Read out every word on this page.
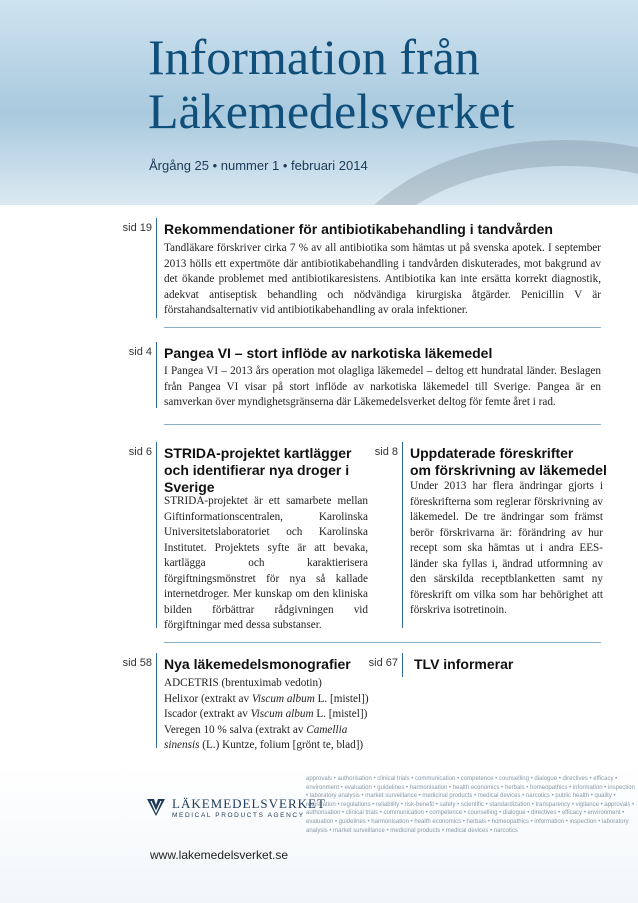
Information från
Läkemedelsverket
Årgång 25 • nummer 1 • februari 2014
sid 19 Rekommendationer för antibiotikabehandling i tandvården
Tandläkare förskriver cirka 7 % av all antibiotika som hämtas ut på svenska apotek. I september 2013 hölls ett expertmöte där antibiotikabehandling i tandvården diskuterades, mot bakgrund av det ökande problemet med antibiotikaresistens. Antibiotika kan inte ersätta korrekt diagnostik, adekvat antiseptisk behandling och nödvändiga kirurgiska åtgärder. Penicillin V är förstahandsalternativ vid antibiotikabehandling av orala infektioner.
sid 4 Pangea VI – stort inflöde av narkotiska läkemedel
I Pangea VI – 2013 års operation mot olagliga läkemedel – deltog ett hundratal länder. Beslagen från Pangea VI visar på stort inflöde av narkotiska läkemedel till Sverige. Pangea är en samverkan över myndighetsgränserna där Läkemedelsverket deltog för femte året i rad.
sid 6 STRIDA-projektet kartlägger
och identifierar nya droger i
Sverige
STRIDA-projektet är ett samarbete mellan Giftinformationscentralen, Karolinska Universitetslaboratoriet och Karolinska Institutet. Projektets syfte är att bevaka, kartlägga och karaktierisera förgiftningsmönstret för nya så kallade internetdroger. Mer kunskap om den kliniska bilden förbättrar rådgivningen vid förgiftningar med dessa substanser.
sid 8 Uppdaterade föreskrifter
om förskrivning av läkemedel
Under 2013 har flera ändringar gjorts i föreskrifterna som reglerar förskrivning av läkemedel. De tre ändringar som främst berör förskrivarna är: förändring av hur recept som ska hämtas ut i andra EES-länder ska fyllas i, ändrad utformning av den särskilda receptblanketten samt ny föreskrift om vilka som har behörighet att förskriva isotretinoin.
sid 58 Nya läkemedelsmonografier
ADCETRIS (brentuximab vedotin)
Helixor (extrakt av Viscum album L. [mistel])
Iscador (extrakt av Viscum album L. [mistel])
Veregen 10 % salva (extrakt av Camellia
sinensis (L.) Kuntze, folium [grönt te, blad])
sid 67 TLV informerar
approvals • authorisation • clinical trials • communication • competence • counselling • dialogue • directives • efficacy • environment • evaluation • guidelines • harmonisation • health economics • herbals • homeopathics • information • inspection • laboratory analysis • market surveillance • medicinal products • medical devices • narcotics • public health • quality • registration • regulations • reliability • risk-benefit • safety • scientific • standardization • transparency • vigilance • approvals • authorisation • clinical trials • communication • competence • counselling • dialogue • directives • efficacy • environment • evaluation • guidelines • harmonisation • health economics • herbals • homeopathics • information • inspection • laboratory analysis • market surveillance • medicinal products • medical devices • narcotics
LÄKEMEDELSVERKET
MEDICAL PRODUCTS AGENCY
www.lakemedelsverket.se
